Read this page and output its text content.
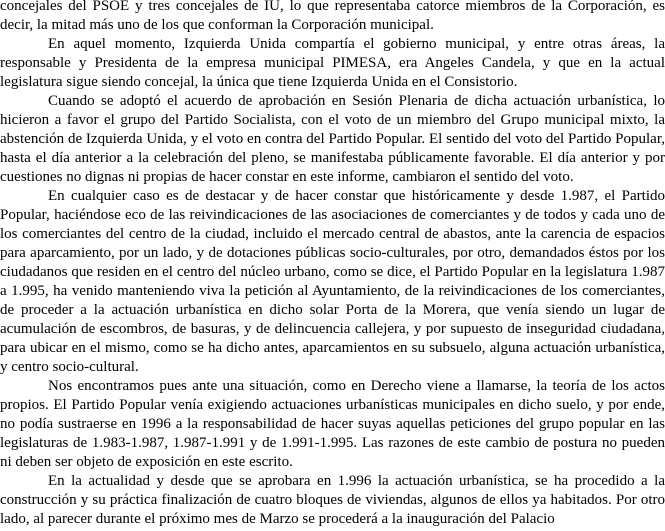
concejales del PSOE y tres concejales de IU, lo que representaba catorce miembros de la Corporación, es decir, la mitad más uno de los que conforman la Corporación municipal.

En aquel momento, Izquierda Unida compartía el gobierno municipal, y entre otras áreas, la responsable y Presidenta de la empresa municipal PIMESA, era Angeles Candela, y que en la actual legislatura sigue siendo concejal, la única que tiene Izquierda Unida en el Consistorio.

Cuando se adoptó el acuerdo de aprobación en Sesión Plenaria de dicha actuación urbanística, lo hicieron a favor el grupo del Partido Socialista, con el voto de un miembro del Grupo municipal mixto, la abstención de Izquierda Unida, y el voto en contra del Partido Popular. El sentido del voto del Partido Popular, hasta el día anterior a la celebración del pleno, se manifestaba públicamente favorable. El día anterior y por cuestiones no dignas ni propias de hacer constar en este informe, cambiaron el sentido del voto.

En cualquier caso es de destacar y de hacer constar que históricamente y desde 1.987, el Partido Popular, haciéndose eco de las reivindicaciones de las asociaciones de comerciantes y de todos y cada uno de los comerciantes del centro de la ciudad, incluido el mercado central de abastos, ante la carencia de espacios para aparcamiento, por un lado, y de dotaciones públicas socio-culturales, por otro, demandados éstos por los ciudadanos que residen en el centro del núcleo urbano, como se dice, el Partido Popular en la legislatura 1.987 a 1.995, ha venido manteniendo viva la petición al Ayuntamiento, de la reivindicaciones de los comerciantes, de proceder a la actuación urbanística en dicho solar Porta de la Morera, que venía siendo un lugar de acumulación de escombros, de basuras, y de delincuencia callejera, y por supuesto de inseguridad ciudadana, para ubicar en el mismo, como se ha dicho antes, aparcamientos en su subsuelo, alguna actuación urbanística, y centro socio-cultural.

Nos encontramos pues ante una situación, como en Derecho viene a llamarse, la teoría de los actos propios. El Partido Popular venía exigiendo actuaciones urbanísticas municipales en dicho suelo, y por ende, no podía sustraerse en 1996 a la responsabilidad de hacer suyas aquellas peticiones del grupo popular en las legislaturas de 1.983-1.987, 1.987-1.991 y de 1.991-1.995. Las razones de este cambio de postura no pueden ni deben ser objeto de exposición en este escrito.

En la actualidad y desde que se aprobara en 1.996 la actuación urbanística, se ha procedido a la construcción y su práctica finalización de cuatro bloques de viviendas, algunos de ellos ya habitados. Por otro lado, al parecer durante el próximo mes de Marzo se procederá a la inauguración del Palacio
